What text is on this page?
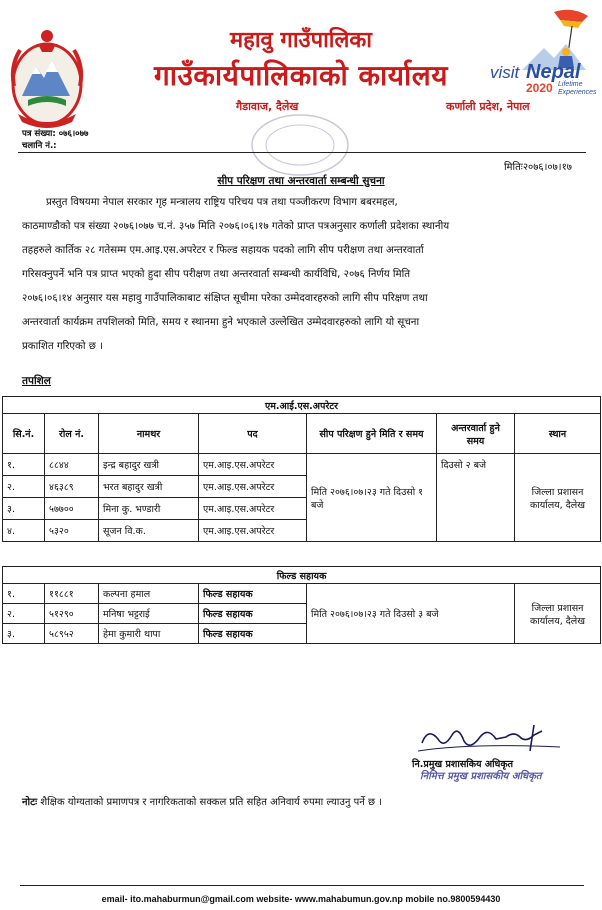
महावु गाउँपालिका
गाउँकार्यपालिकाको कार्यालय
गैडावाज, दैलेख	कर्णाली प्रदेश, नेपाल
visit Nepal
2020 Lifetime
Experiences
पत्र संख्या: ०७६।०७७
चलानि नं.:
मितिः२०७६।०७।१७
सीप परिक्षण तथा अन्तरवार्ता सम्बन्धी सुचना
प्रस्तुत विषयमा नेपाल सरकार गृह मन्त्रालय राष्ट्रिय परिचय पत्र तथा पञ्जीकरण विभाग बबरमहल,
काठमाण्डौको पत्र संख्या २०७६।०७७ च.नं. ३५७ मिति २०७६।०६।१७ गतेको प्राप्त पत्रअनुसार कर्णाली प्रदेशका स्थानीय
तहहरुले कार्तिक २८ गतेसम्म एम.आइ.एस.अपरेटर र फिल्ड सहायक पदको लागि सीप परीक्षण तथा अन्तरवार्ता
गरिसक्नुपर्ने भनि पत्र प्राप्त भएको हुदा सीप परीक्षण तथा अन्तरवार्ता सम्बन्धी कार्यविधि, २०७६ निर्णय मिति
२०७६।०६।१४ अनुसार यस महावु गाउँपालिकाबाट संक्षिप्त सूचीमा परेका उम्मेदवारहरुको लागि सीप परिक्षण तथा
अन्तरवार्ता कार्यक्रम तपशिलको मिति, समय र स्थानमा हुने भएकाले उल्लेखित उम्मेदवारहरुको लागि यो सूचना
प्रकाशित गरिएको छ ।
तपशिल
एम.आई.एस.अपरेटर						
सि.नं.	रोल नं.	नामथर	पद	सीप परिक्षण हुने मिति र समय	अन्तरवार्ता हुने समय	स्थान
१.	८८४४	इन्द्र बहादुर खत्री	एम.आइ.एस.अपरेटर	मिति २०७६।०७।२३ गते दिउसो १ बजे	दिउसो २ बजे	जिल्ला प्रशासन कार्यालय, दैलेख
२.	४६३८९	भरत बहादुर खत्री	एम.आइ.एस.अपरेटर			
३.	५७७००	मिना कु. भण्डारी	एम.आइ.एस.अपरेटर			
४.	५३२०	सूजन वि.क.	एम.आइ.एस.अपरेटर			
फिल्ड सहायक					
१.	११८८१	कल्पना हमाल	फिल्ड सहायक	मिति २०७६।०७।२३ गते दिउसो ३ बजे	जिल्ला प्रशासन कार्यालय, दैलेख
२.	५१२९०	मनिषा भट्टराई	फिल्ड सहायक		
३.	५८९५२	हेमा कुमारी थापा	फिल्ड सहायक		
नि.प्रमुख प्रशासकिय अधिकृत
निमित्त प्रमुख प्रशासकीय अधिकृत
नोटः शैक्षिक योग्यताको प्रमाणपत्र र नागरिकताको सक्कल प्रति सहित अनिवार्य रुपमा ल्याउनु पर्ने छ ।
email- ito.mahaburmun@gmail.com website- www.mahabumun.gov.np mobile no.9800594430
